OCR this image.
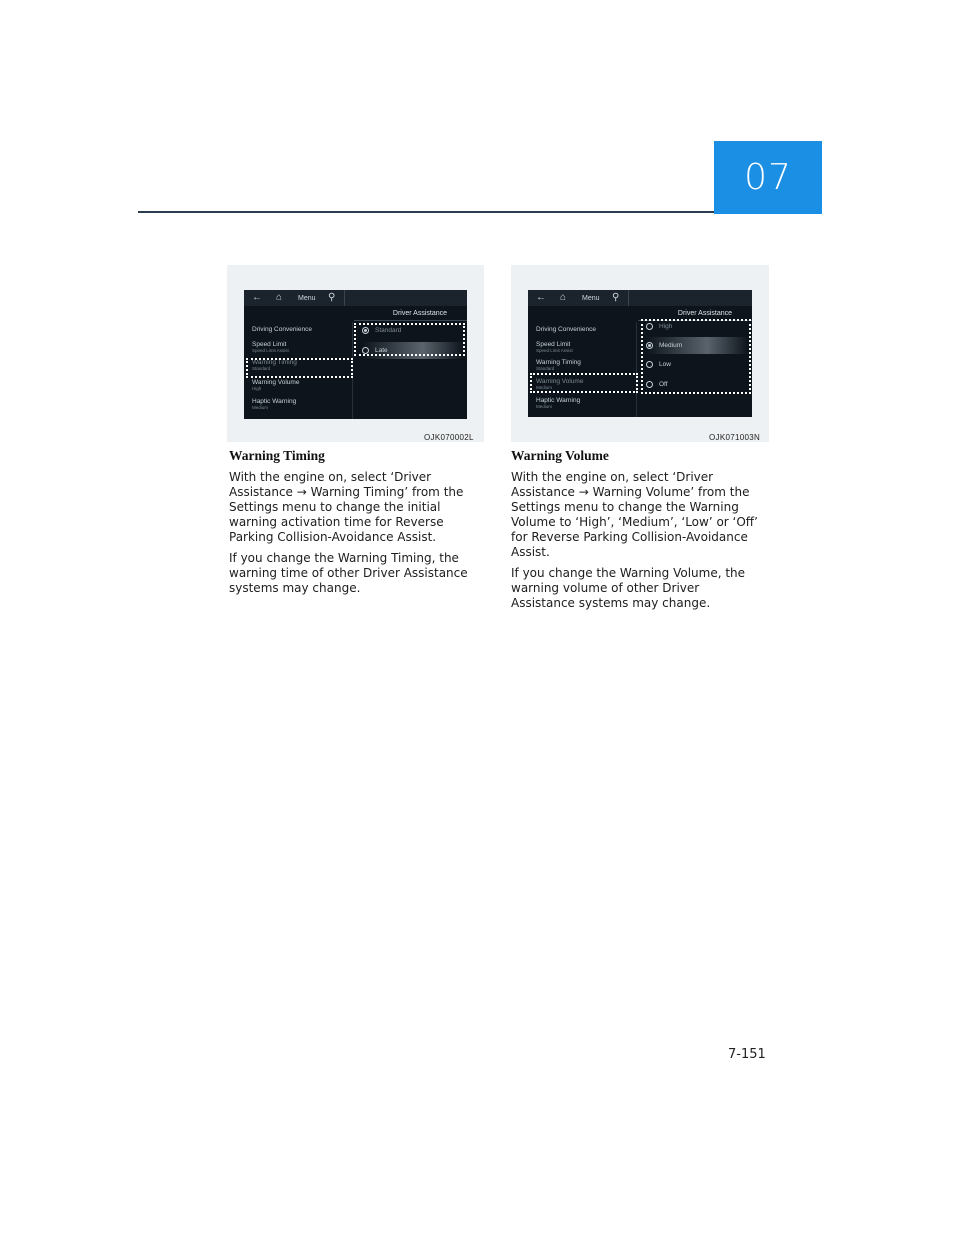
07
← ⌂ Menu ⚲
Driver Assistance
Driving Convenience
Speed Limit
Speed Limit Assist
Warning Timing
Standard
Warning Volume
High
Haptic Warning
Medium
Standard
Late
OJK070002L
← ⌂ Menu ⚲
Driver Assistance
Driving Convenience
Speed Limit
Speed Limit Assist
Warning Timing
Standard
Warning Volume
Medium
Haptic Warning
Medium
High
Medium
Low
Off
OJK071003N
Warning Timing

With the engine on, select ‘Driver Assistance → Warning Timing’ from the Settings menu to change the initial warning activation time for Reverse Parking Collision-Avoidance Assist.

If you change the Warning Timing, the warning time of other Driver Assistance systems may change.

Warning Volume

With the engine on, select ‘Driver Assistance → Warning Volume’ from the Settings menu to change the Warning Volume to ‘High’, ‘Medium’, ‘Low’ or ‘Off’ for Reverse Parking Collision-Avoidance Assist.

If you change the Warning Volume, the warning volume of other Driver Assistance systems may change.

7-151
